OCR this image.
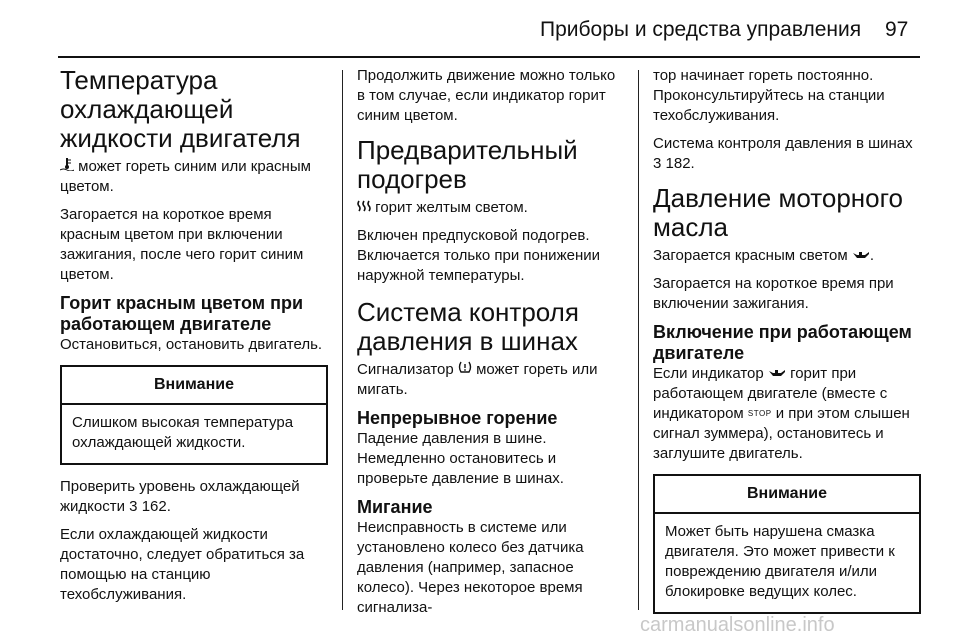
Приборы и средства управления 97
Температура охлаждающей жидкости двигателя

может гореть синим или красным цветом.

Загорается на короткое время красным цветом при включении зажигания, после чего горит синим цветом.

Горит красным цветом при работающем двигателе

Остановиться, остановить двигатель.

Внимание
Слишком высокая температура охлаждающей жидкости.

Проверить уровень охлаждающей жидкости 3 162.

Если охлаждающей жидкости достаточно, следует обратиться за помощью на станцию техобслуживания.

Продолжить движение можно только в том случае, если индикатор горит синим цветом.

Предварительный подогрев

горит желтым светом.

Включен предпусковой подогрев. Включается только при понижении наружной температуры.

Система контроля давления в шинах

Сигнализатор может гореть или мигать.

Непрерывное горение

Падение давления в шине. Немедленно остановитесь и проверьте давление в шинах.

Мигание

Неисправность в системе или установлено колесо без датчика давления (например, запасное колесо). Через некоторое время сигнализа-

тор начинает гореть постоянно. Проконсультируйтесь на станции техобслуживания.

Система контроля давления в шинах 3 182.

Давление моторного масла

Загорается красным светом .

Загорается на короткое время при включении зажигания.

Включение при работающем двигателе

Если индикатор горит при работающем двигателе (вместе с индикатором STOP и при этом слышен сигнал зуммера), остановитесь и заглушите двигатель.

Внимание
Может быть нарушена смазка двигателя. Это может привести к повреждению двигателя и/или блокировке ведущих колес.
carmanualsonline.info
